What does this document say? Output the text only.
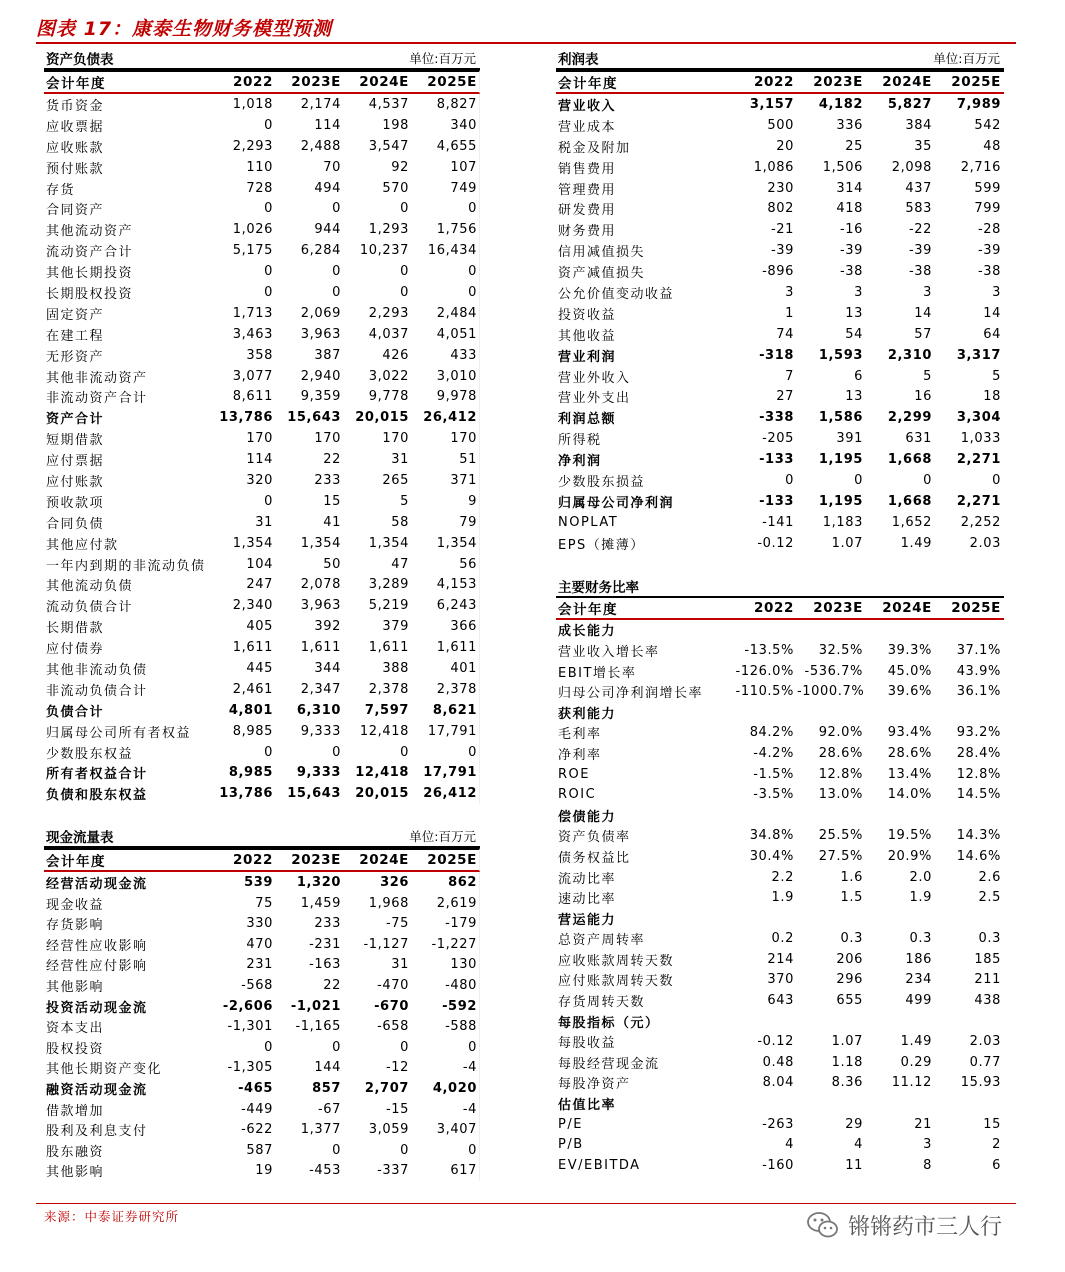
图表 17：康泰生物财务模型预测
资产负债表	单位:百万元
会计年度	2022	2023E	2024E	2025E
货币资金	1,018	2,174	4,537	8,827
应收票据	0	114	198	340
应收账款	2,293	2,488	3,547	4,655
预付账款	110	70	92	107
存货	728	494	570	749
合同资产	0	0	0	0
其他流动资产	1,026	944	1,293	1,756
流动资产合计	5,175	6,284	10,237	16,434
其他长期投资	0	0	0	0
长期股权投资	0	0	0	0
固定资产	1,713	2,069	2,293	2,484
在建工程	3,463	3,963	4,037	4,051
无形资产	358	387	426	433
其他非流动资产	3,077	2,940	3,022	3,010
非流动资产合计	8,611	9,359	9,778	9,978
资产合计	13,786	15,643	20,015	26,412
短期借款	170	170	170	170
应付票据	114	22	31	51
应付账款	320	233	265	371
预收款项	0	15	5	9
合同负债	31	41	58	79
其他应付款	1,354	1,354	1,354	1,354
一年内到期的非流动负债	104	50	47	56
其他流动负债	247	2,078	3,289	4,153
流动负债合计	2,340	3,963	5,219	6,243
长期借款	405	392	379	366
应付债券	1,611	1,611	1,611	1,611
其他非流动负债	445	344	388	401
非流动负债合计	2,461	2,347	2,378	2,378
负债合计	4,801	6,310	7,597	8,621
归属母公司所有者权益	8,985	9,333	12,418	17,791
少数股东权益	0	0	0	0
所有者权益合计	8,985	9,333	12,418	17,791
负债和股东权益	13,786	15,643	20,015	26,412
现金流量表	单位:百万元
会计年度	2022	2023E	2024E	2025E
经营活动现金流	539	1,320	326	862
现金收益	75	1,459	1,968	2,619
存货影响	330	233	-75	-179
经营性应收影响	470	-231	-1,127	-1,227
经营性应付影响	231	-163	31	130
其他影响	-568	22	-470	-480
投资活动现金流	-2,606	-1,021	-670	-592
资本支出	-1,301	-1,165	-658	-588
股权投资	0	0	0	0
其他长期资产变化	-1,305	144	-12	-4
融资活动现金流	-465	857	2,707	4,020
借款增加	-449	-67	-15	-4
股利及利息支付	-622	1,377	3,059	3,407
股东融资	587	0	0	0
其他影响	19	-453	-337	617
利润表	单位:百万元
会计年度	2022	2023E	2024E	2025E
营业收入	3,157	4,182	5,827	7,989
营业成本	500	336	384	542
税金及附加	20	25	35	48
销售费用	1,086	1,506	2,098	2,716
管理费用	230	314	437	599
研发费用	802	418	583	799
财务费用	-21	-16	-22	-28
信用减值损失	-39	-39	-39	-39
资产减值损失	-896	-38	-38	-38
公允价值变动收益	3	3	3	3
投资收益	1	13	14	14
其他收益	74	54	57	64
营业利润	-318	1,593	2,310	3,317
营业外收入	7	6	5	5
营业外支出	27	13	16	18
利润总额	-338	1,586	2,299	3,304
所得税	-205	391	631	1,033
净利润	-133	1,195	1,668	2,271
少数股东损益	0	0	0	0
归属母公司净利润	-133	1,195	1,668	2,271
NOPLAT	-141	1,183	1,652	2,252
EPS（摊薄）	-0.12	1.07	1.49	2.03
主要财务比率
会计年度	2022	2023E	2024E	2025E
成长能力
营业收入增长率	-13.5%	32.5%	39.3%	37.1%
EBIT增长率	-126.0% -536.7%	45.0%	43.9%
归母公司净利润增长率	-110.5% -1000.7%	39.6%	36.1%
获利能力
毛利率	84.2%	92.0%	93.4%	93.2%
净利率	-4.2%	28.6%	28.6%	28.4%
ROE	-1.5%	12.8%	13.4%	12.8%
ROIC	-3.5%	13.0%	14.0%	14.5%
偿债能力
资产负债率	34.8%	25.5%	19.5%	14.3%
债务权益比	30.4%	27.5%	20.9%	14.6%
流动比率	2.2	1.6	2.0	2.6
速动比率	1.9	1.5	1.9	2.5
营运能力
总资产周转率	0.2	0.3	0.3	0.3
应收账款周转天数	214	206	186	185
应付账款周转天数	370	296	234	211
存货周转天数	643	655	499	438
每股指标（元）
每股收益	-0.12	1.07	1.49	2.03
每股经营现金流	0.48	1.18	0.29	0.77
每股净资产	8.04	8.36	11.12	15.93
估值比率
P/E	-263	29	21	15
P/B	4	4	3	2
EV/EBITDA	-160	11	8	6
来源：中泰证券研究所	锵锵药市三人行
